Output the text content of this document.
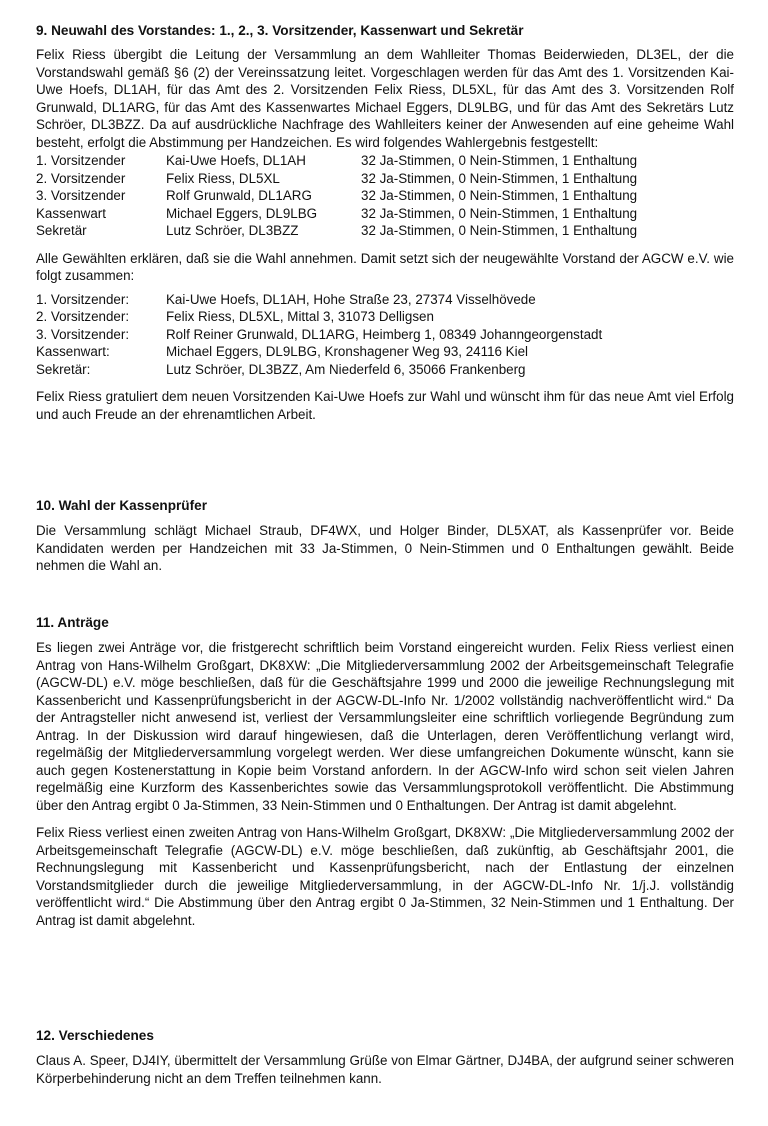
9. Neuwahl des Vorstandes: 1., 2., 3. Vorsitzender, Kassenwart und Sekretär

Felix Riess übergibt die Leitung der Versammlung an dem Wahlleiter Thomas Beiderwieden, DL3EL, der die Vorstandswahl gemäß §6 (2) der Vereinssatzung leitet. Vorgeschlagen werden für das Amt des 1. Vorsitzenden Kai-Uwe Hoefs, DL1AH, für das Amt des 2. Vorsitzenden Felix Riess, DL5XL, für das Amt des 3. Vorsitzenden Rolf Grunwald, DL1ARG, für das Amt des Kassenwartes Michael Eggers, DL9LBG, und für das Amt des Sekretärs Lutz Schröer, DL3BZZ. Da auf ausdrückliche Nachfrage des Wahlleiters keiner der Anwesenden auf eine geheime Wahl besteht, erfolgt die Abstimmung per Handzeichen. Es wird folgendes Wahlergebnis festgestellt:

1. Vorsitzender	Kai-Uwe Hoefs, DL1AH	32 Ja-Stimmen, 0 Nein-Stimmen, 1 Enthaltung
2. Vorsitzender	Felix Riess, DL5XL	32 Ja-Stimmen, 0 Nein-Stimmen, 1 Enthaltung
3. Vorsitzender	Rolf Grunwald, DL1ARG	32 Ja-Stimmen, 0 Nein-Stimmen, 1 Enthaltung
Kassenwart	Michael Eggers, DL9LBG	32 Ja-Stimmen, 0 Nein-Stimmen, 1 Enthaltung
Sekretär	Lutz Schröer, DL3BZZ	32 Ja-Stimmen, 0 Nein-Stimmen, 1 Enthaltung

Alle Gewählten erklären, daß sie die Wahl annehmen. Damit setzt sich der neugewählte Vorstand der AGCW e.V. wie folgt zusammen:

1. Vorsitzender:	Kai-Uwe Hoefs, DL1AH, Hohe Straße 23, 27374 Visselhövede
2. Vorsitzender:	Felix Riess, DL5XL, Mittal 3, 31073 Delligsen
3. Vorsitzender:	Rolf Reiner Grunwald, DL1ARG, Heimberg 1, 08349 Johanngeorgenstadt
Kassenwart:	Michael Eggers, DL9LBG, Kronshagener Weg 93, 24116 Kiel
Sekretär:	Lutz Schröer, DL3BZZ, Am Niederfeld 6, 35066 Frankenberg

Felix Riess gratuliert dem neuen Vorsitzenden Kai-Uwe Hoefs zur Wahl und wünscht ihm für das neue Amt viel Erfolg und auch Freude an der ehrenamtlichen Arbeit.

10. Wahl der Kassenprüfer

Die Versammlung schlägt Michael Straub, DF4WX, und Holger Binder, DL5XAT, als Kassenprüfer vor. Beide Kandidaten werden per Handzeichen mit 33 Ja-Stimmen, 0 Nein-Stimmen und 0 Enthaltungen gewählt. Beide nehmen die Wahl an.

11. Anträge

Es liegen zwei Anträge vor, die fristgerecht schriftlich beim Vorstand eingereicht wurden. Felix Riess verliest einen Antrag von Hans-Wilhelm Großgart, DK8XW: „Die Mitgliederversammlung 2002 der Arbeitsgemeinschaft Telegrafie (AGCW-DL) e.V. möge beschließen, daß für die Geschäftsjahre 1999 und 2000 die jeweilige Rechnungslegung mit Kassenbericht und Kassenprüfungsbericht in der AGCW-DL-Info Nr. 1/2002 vollständig nachveröffentlicht wird.“ Da der Antragsteller nicht anwesend ist, verliest der Versammlungsleiter eine schriftlich vorliegende Begründung zum Antrag. In der Diskussion wird darauf hingewiesen, daß die Unterlagen, deren Veröffentlichung verlangt wird, regelmäßig der Mitgliederversammlung vorgelegt werden. Wer diese umfangreichen Dokumente wünscht, kann sie auch gegen Kostenerstattung in Kopie beim Vorstand anfordern. In der AGCW-Info wird schon seit vielen Jahren regelmäßig eine Kurzform des Kassenberichtes sowie das Versammlungsprotokoll veröffentlicht. Die Abstimmung über den Antrag ergibt 0 Ja-Stimmen, 33 Nein-Stimmen und 0 Enthaltungen. Der Antrag ist damit abgelehnt.

Felix Riess verliest einen zweiten Antrag von Hans-Wilhelm Großgart, DK8XW: „Die Mitgliederversammlung 2002 der Arbeitsgemeinschaft Telegrafie (AGCW-DL) e.V. möge beschließen, daß zukünftig, ab Geschäftsjahr 2001, die Rechnungslegung mit Kassenbericht und Kassenprüfungsbericht, nach der Entlastung der einzelnen Vorstandsmitglieder durch die jeweilige Mitgliederversammlung, in der AGCW-DL-Info Nr. 1/j.J. vollständig veröffentlicht wird.“ Die Abstimmung über den Antrag ergibt 0 Ja-Stimmen, 32 Nein-Stimmen und 1 Enthaltung. Der Antrag ist damit abgelehnt.

12. Verschiedenes

Claus A. Speer, DJ4IY, übermittelt der Versammlung Grüße von Elmar Gärtner, DJ4BA, der aufgrund seiner schweren Körperbehinderung nicht an dem Treffen teilnehmen kann.
